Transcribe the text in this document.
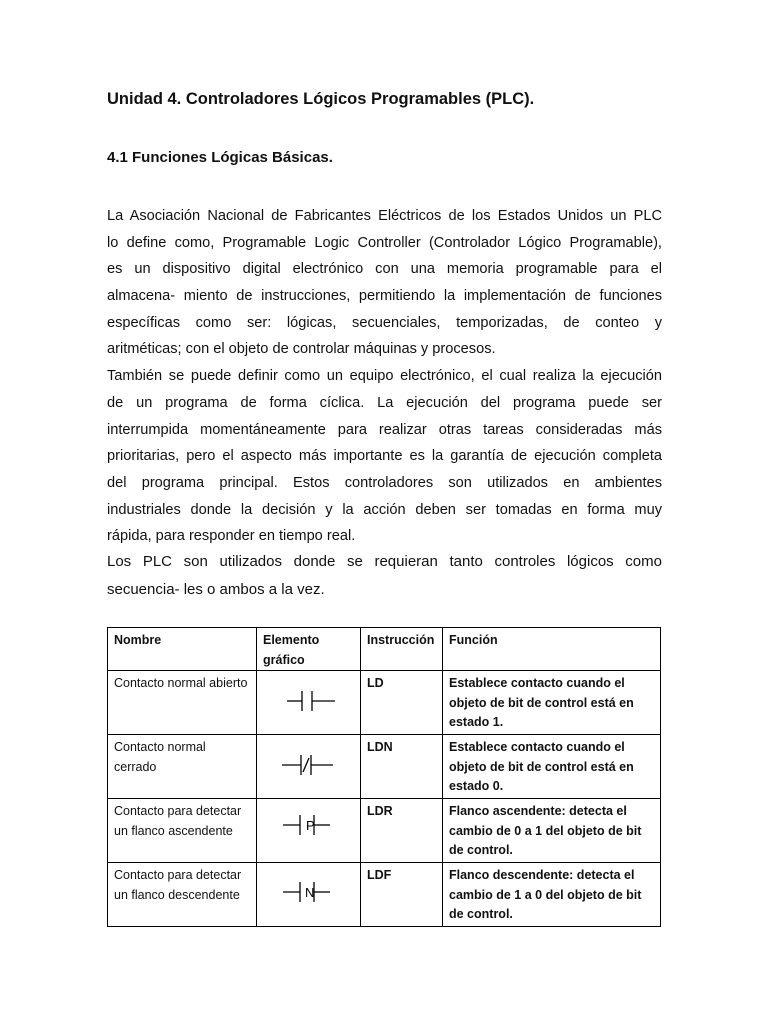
Unidad 4. Controladores Lógicos Programables (PLC).
4.1 Funciones Lógicas Básicas.
La Asociación Nacional de Fabricantes Eléctricos de los Estados Unidos un PLC
lo define como, Programable Logic Controller (Controlador Lógico Programable),
es un dispositivo digital electrónico con una memoria programable para el
almacena- miento de instrucciones, permitiendo la implementación de funciones
específicas como ser: lógicas, secuenciales, temporizadas, de conteo y
aritméticas; con el objeto de controlar máquinas y procesos.
También se puede definir como un equipo electrónico, el cual realiza la ejecución
de un programa de forma cíclica. La ejecución del programa puede ser
interrumpida momentáneamente para realizar otras tareas consideradas más
prioritarias, pero el aspecto más importante es la garantía de ejecución completa
del programa principal. Estos controladores son utilizados en ambientes
industriales donde la decisión y la acción deben ser tomadas en forma muy
rápida, para responder en tiempo real.
Los PLC son utilizados donde se requieran tanto controles lógicos como
secuencia- les o ambos a la vez.
Nombre	Elemento gráfico	Instrucción	Función
Contacto normal abierto		LD	Establece contacto cuando el objeto de bit de control está en estado 1.
Contacto normal cerrado		LDN	Establece contacto cuando el objeto de bit de control está en estado 0.
Contacto para detectar un flanco ascendente	P	LDR	Flanco ascendente: detecta el cambio de 0 a 1 del objeto de bit de control.
Contacto para detectar un flanco descendente	N	LDF	Flanco descendente: detecta el cambio de 1 a 0 del objeto de bit de control.
